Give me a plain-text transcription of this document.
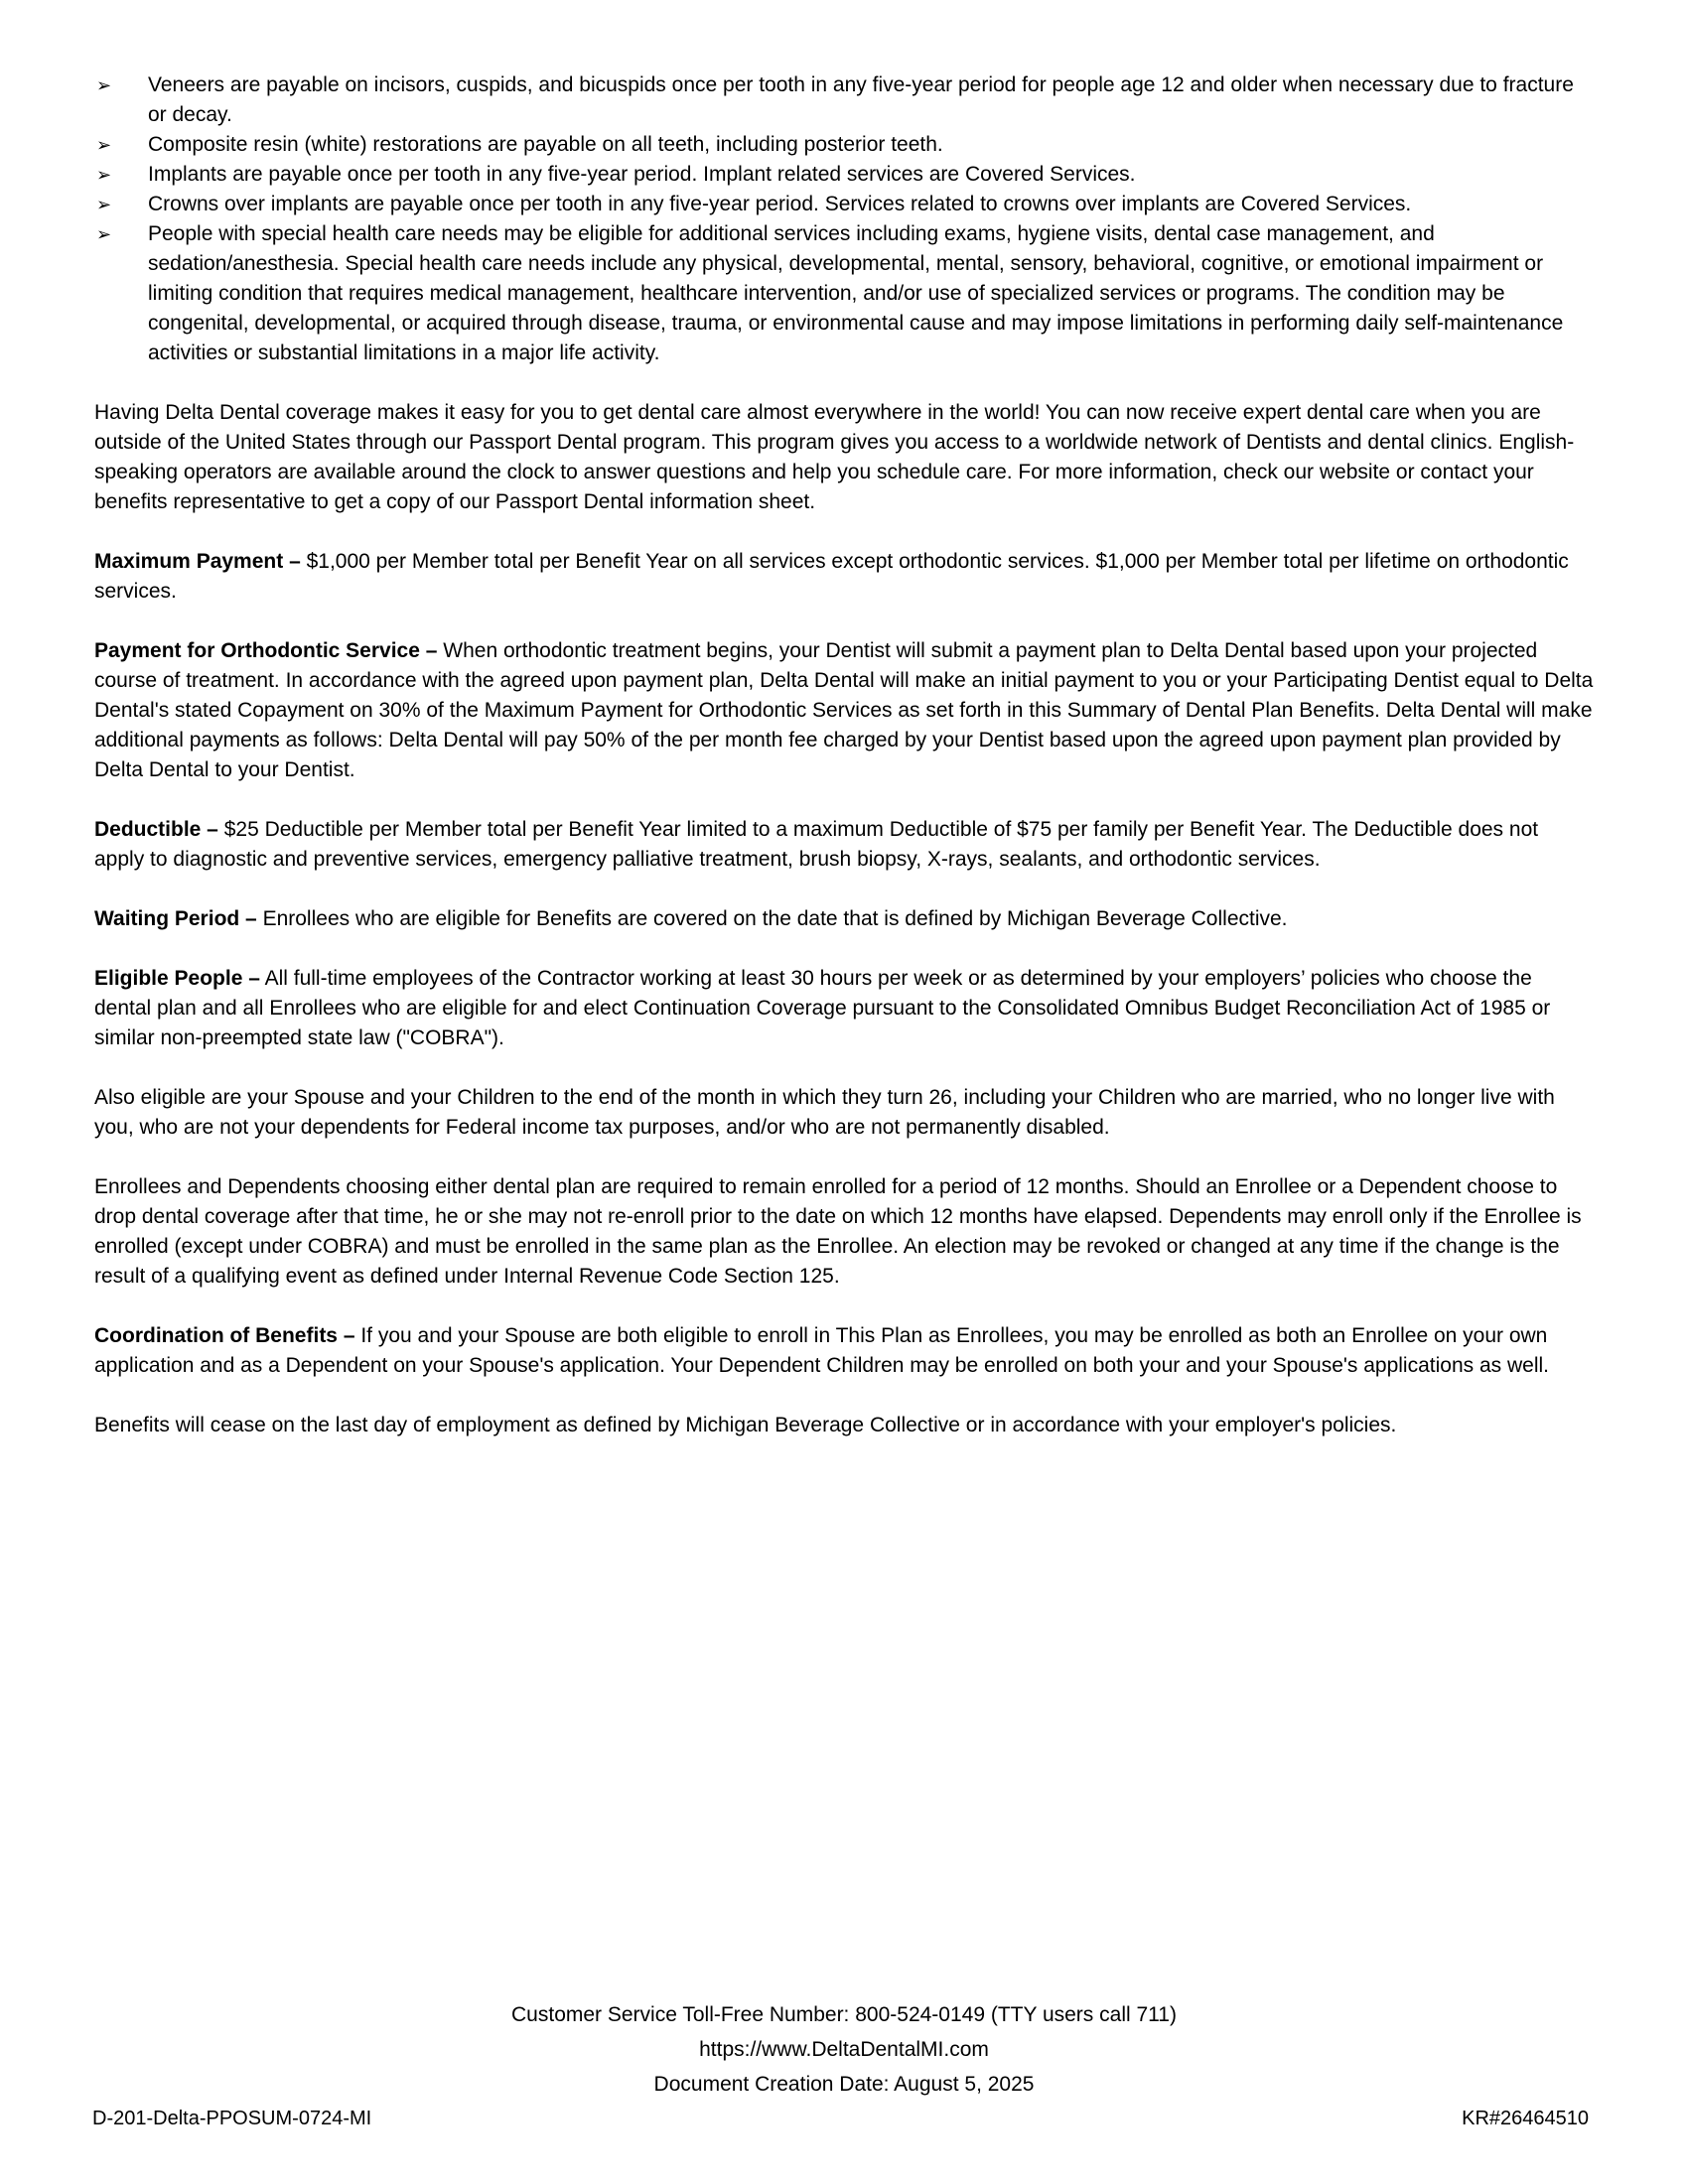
➢	Veneers are payable on incisors, cuspids, and bicuspids once per tooth in any five-year period for people age 12 and older when necessary due to fracture or decay.
➢	Composite resin (white) restorations are payable on all teeth, including posterior teeth.
➢	Implants are payable once per tooth in any five-year period. Implant related services are Covered Services.
➢	Crowns over implants are payable once per tooth in any five-year period. Services related to crowns over implants are Covered Services.
➢	People with special health care needs may be eligible for additional services including exams, hygiene visits, dental case management, and sedation/anesthesia. Special health care needs include any physical, developmental, mental, sensory, behavioral, cognitive, or emotional impairment or limiting condition that requires medical management, healthcare intervention, and/or use of specialized services or programs. The condition may be congenital, developmental, or acquired through disease, trauma, or environmental cause and may impose limitations in performing daily self-maintenance activities or substantial limitations in a major life activity.

Having Delta Dental coverage makes it easy for you to get dental care almost everywhere in the world! You can now receive expert dental care when you are outside of the United States through our Passport Dental program. This program gives you access to a worldwide network of Dentists and dental clinics. English-speaking operators are available around the clock to answer questions and help you schedule care. For more information, check our website or contact your benefits representative to get a copy of our Passport Dental information sheet.

Maximum Payment – $1,000 per Member total per Benefit Year on all services except orthodontic services. $1,000 per Member total per lifetime on orthodontic services.

Payment for Orthodontic Service – When orthodontic treatment begins, your Dentist will submit a payment plan to Delta Dental based upon your projected course of treatment. In accordance with the agreed upon payment plan, Delta Dental will make an initial payment to you or your Participating Dentist equal to Delta Dental's stated Copayment on 30% of the Maximum Payment for Orthodontic Services as set forth in this Summary of Dental Plan Benefits. Delta Dental will make additional payments as follows: Delta Dental will pay 50% of the per month fee charged by your Dentist based upon the agreed upon payment plan provided by Delta Dental to your Dentist.

Deductible – $25 Deductible per Member total per Benefit Year limited to a maximum Deductible of $75 per family per Benefit Year. The Deductible does not apply to diagnostic and preventive services, emergency palliative treatment, brush biopsy, X-rays, sealants, and orthodontic services.

Waiting Period – Enrollees who are eligible for Benefits are covered on the date that is defined by Michigan Beverage Collective.

Eligible People – All full-time employees of the Contractor working at least 30 hours per week or as determined by your employers’ policies who choose the dental plan and all Enrollees who are eligible for and elect Continuation Coverage pursuant to the Consolidated Omnibus Budget Reconciliation Act of 1985 or similar non-preempted state law ("COBRA").

Also eligible are your Spouse and your Children to the end of the month in which they turn 26, including your Children who are married, who no longer live with you, who are not your dependents for Federal income tax purposes, and/or who are not permanently disabled.

Enrollees and Dependents choosing either dental plan are required to remain enrolled for a period of 12 months. Should an Enrollee or a Dependent choose to drop dental coverage after that time, he or she may not re-enroll prior to the date on which 12 months have elapsed. Dependents may enroll only if the Enrollee is enrolled (except under COBRA) and must be enrolled in the same plan as the Enrollee. An election may be revoked or changed at any time if the change is the result of a qualifying event as defined under Internal Revenue Code Section 125.

Coordination of Benefits – If you and your Spouse are both eligible to enroll in This Plan as Enrollees, you may be enrolled as both an Enrollee on your own application and as a Dependent on your Spouse's application. Your Dependent Children may be enrolled on both your and your Spouse's applications as well.

Benefits will cease on the last day of employment as defined by Michigan Beverage Collective or in accordance with your employer's policies.

Customer Service Toll-Free Number: 800-524-0149 (TTY users call 711)
https://www.DeltaDentalMI.com
Document Creation Date: August 5, 2025
D-201-Delta-PPOSUM-0724-MI	KR#26464510
